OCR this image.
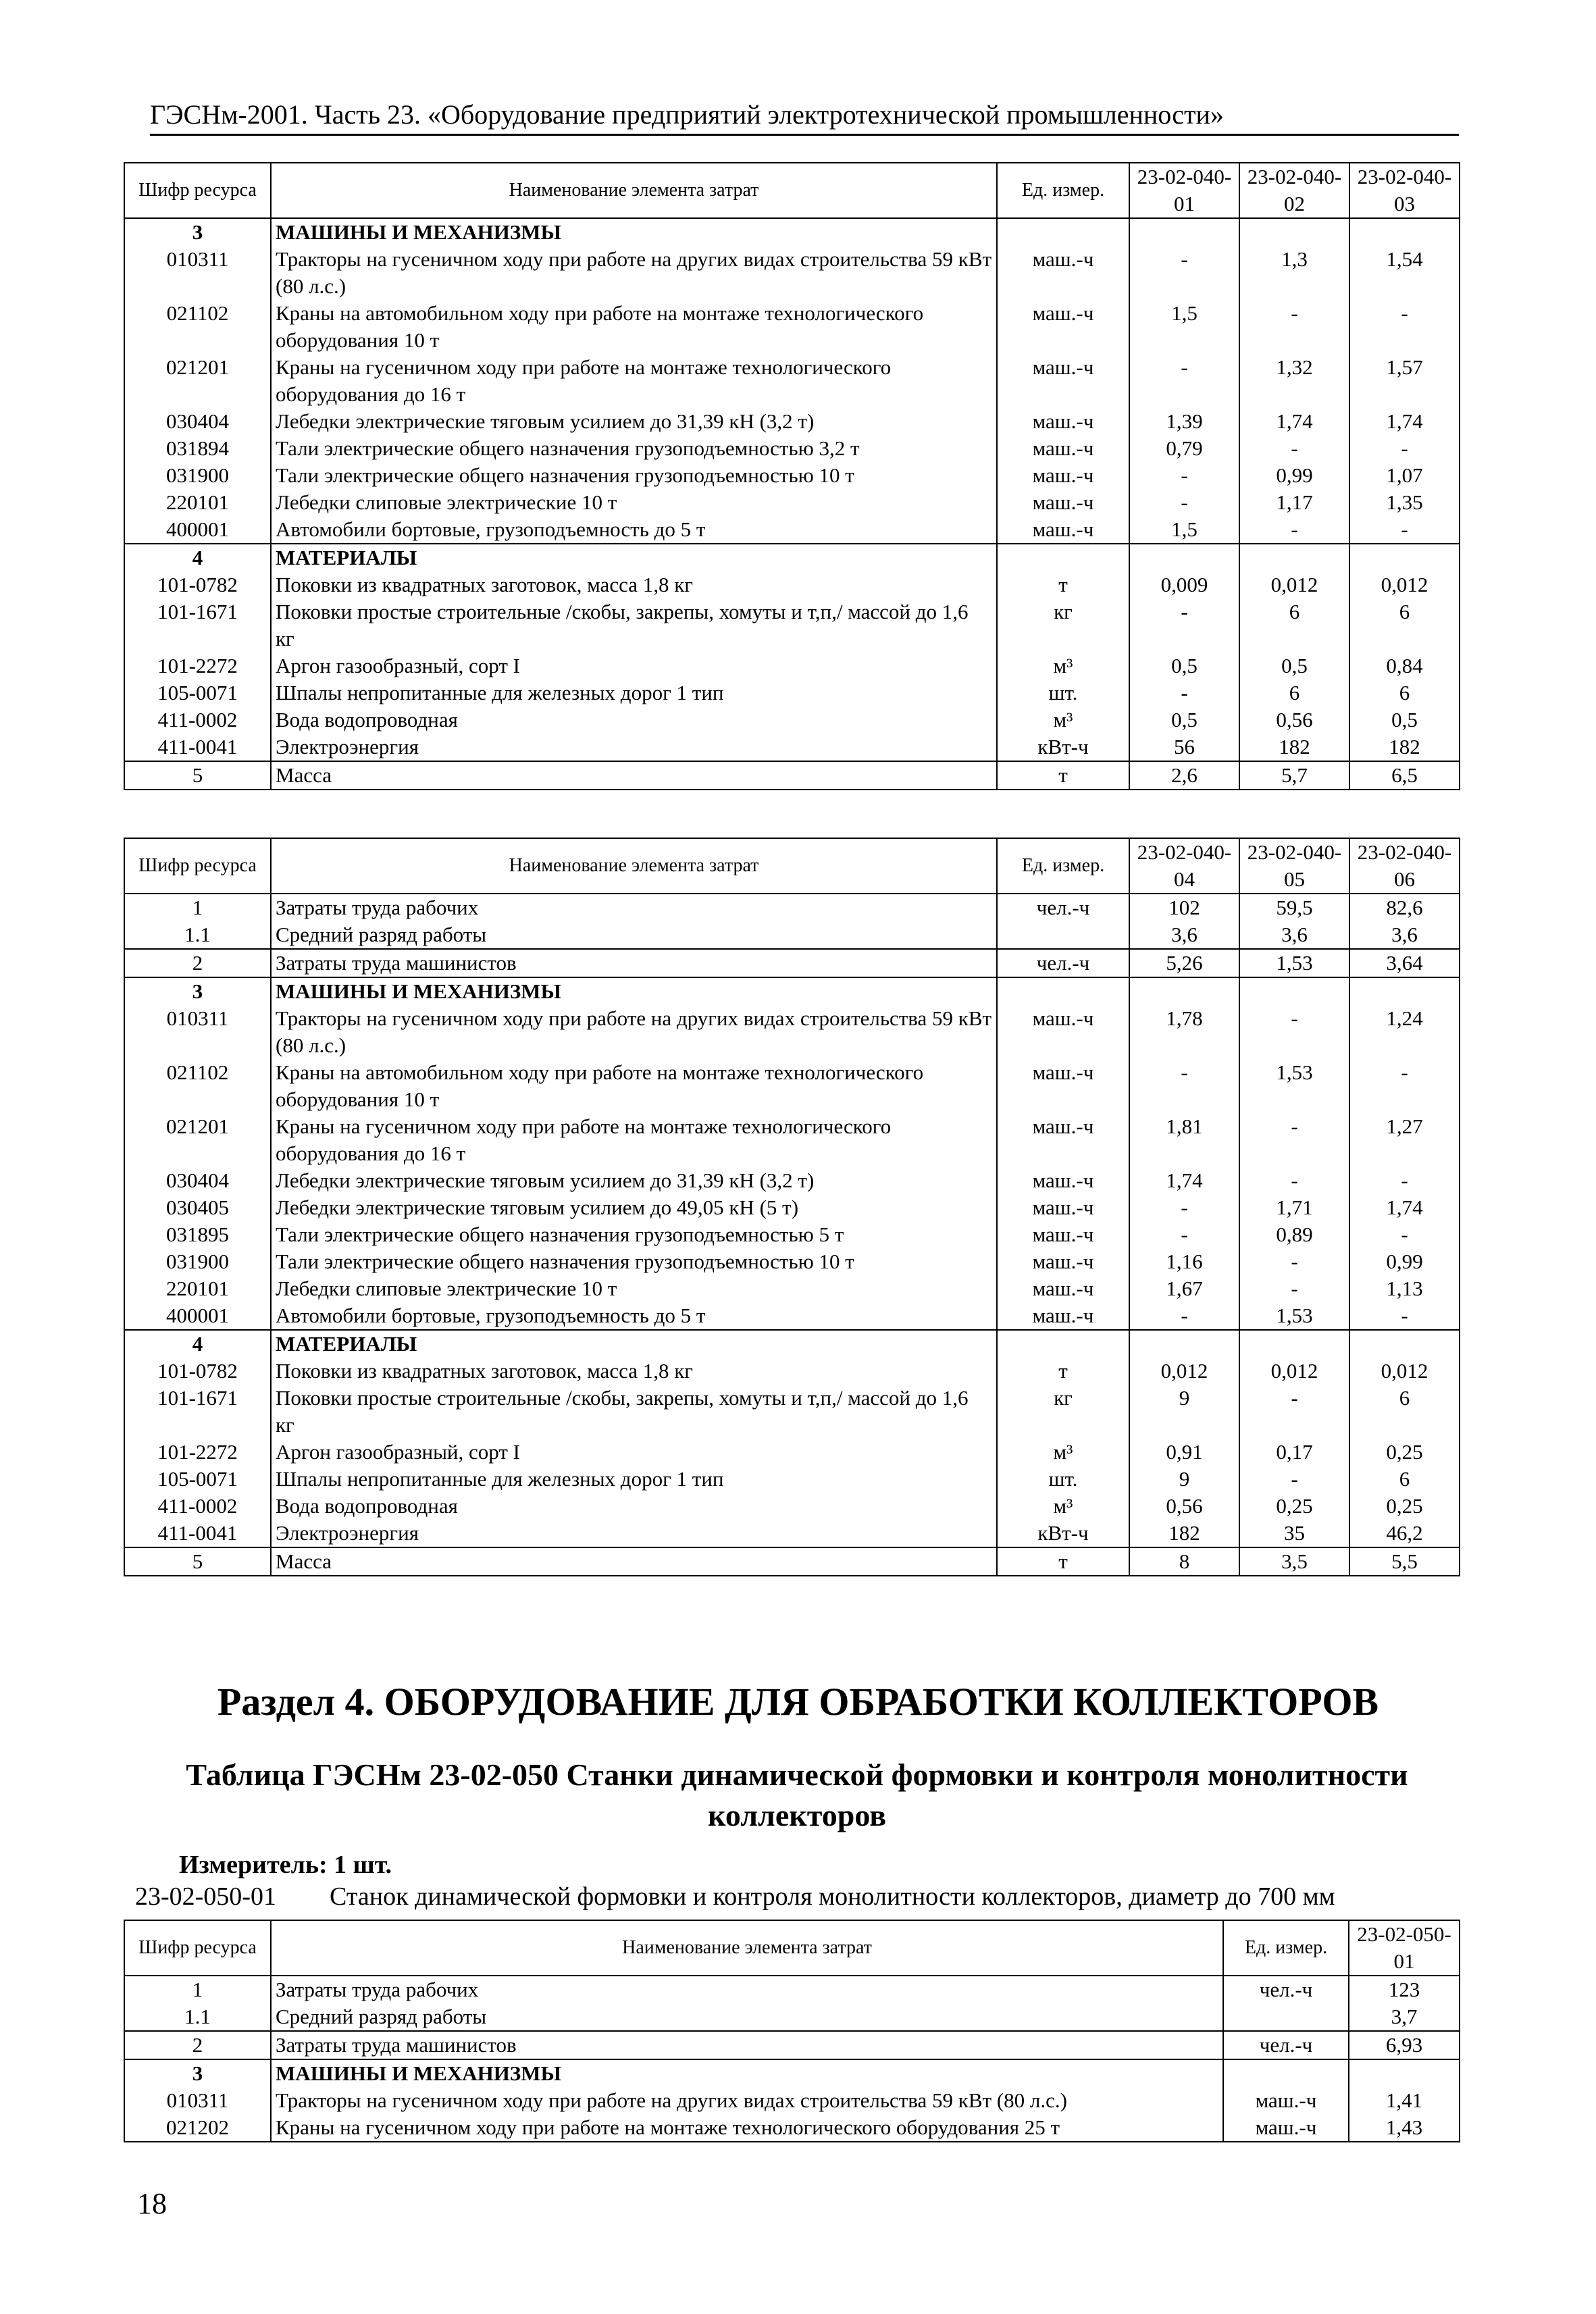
ГЭСНм-2001. Часть 23. «Оборудование предприятий электротехнической промышленности»
Шифр ресурса	Наименование элемента затрат	Ед. измер.	23-02-040-01	23-02-040-02	23-02-040-03
3	МАШИНЫ И МЕХАНИЗМЫ				
010311	Тракторы на гусеничном ходу при работе на других видах строительства 59 кВт (80 л.с.)	маш.-ч	-	1,3	1,54
021102	Краны на автомобильном ходу при работе на монтаже технологического оборудования 10 т	маш.-ч	1,5	-	-
021201	Краны на гусеничном ходу при работе на монтаже технологического оборудования до 16 т	маш.-ч	-	1,32	1,57
030404	Лебедки электрические тяговым усилием до 31,39 кН (3,2 т)	маш.-ч	1,39	1,74	1,74
031894	Тали электрические общего назначения грузоподъемностью 3,2 т	маш.-ч	0,79	-	-
031900	Тали электрические общего назначения грузоподъемностью 10 т	маш.-ч	-	0,99	1,07
220101	Лебедки слиповые электрические 10 т	маш.-ч	-	1,17	1,35
400001	Автомобили бортовые, грузоподъемность до 5 т	маш.-ч	1,5	-	-
4	МАТЕРИАЛЫ				
101-0782	Поковки из квадратных заготовок, масса 1,8 кг	т	0,009	0,012	0,012
101-1671	Поковки простые строительные /скобы, закрепы, хомуты и т,п,/ массой до 1,6 кг	кг	-	6	6
101-2272	Аргон газообразный, сорт I	м³	0,5	0,5	0,84
105-0071	Шпалы непропитанные для железных дорог 1 тип	шт.	-	6	6
411-0002	Вода водопроводная	м³	0,5	0,56	0,5
411-0041	Электроэнергия	кВт-ч	56	182	182
5	Масса	т	2,6	5,7	6,5
Шифр ресурса	Наименование элемента затрат	Ед. измер.	23-02-040-04	23-02-040-05	23-02-040-06
1	Затраты труда рабочих	чел.-ч	102	59,5	82,6
1.1	Средний разряд работы		3,6	3,6	3,6
2	Затраты труда машинистов	чел.-ч	5,26	1,53	3,64
3	МАШИНЫ И МЕХАНИЗМЫ				
010311	Тракторы на гусеничном ходу при работе на других видах строительства 59 кВт (80 л.с.)	маш.-ч	1,78	-	1,24
021102	Краны на автомобильном ходу при работе на монтаже технологического оборудования 10 т	маш.-ч	-	1,53	-
021201	Краны на гусеничном ходу при работе на монтаже технологического оборудования до 16 т	маш.-ч	1,81	-	1,27
030404	Лебедки электрические тяговым усилием до 31,39 кН (3,2 т)	маш.-ч	1,74	-	-
030405	Лебедки электрические тяговым усилием до 49,05 кН (5 т)	маш.-ч	-	1,71	1,74
031895	Тали электрические общего назначения грузоподъемностью 5 т	маш.-ч	-	0,89	-
031900	Тали электрические общего назначения грузоподъемностью 10 т	маш.-ч	1,16	-	0,99
220101	Лебедки слиповые электрические 10 т	маш.-ч	1,67	-	1,13
400001	Автомобили бортовые, грузоподъемность до 5 т	маш.-ч	-	1,53	-
4	МАТЕРИАЛЫ				
101-0782	Поковки из квадратных заготовок, масса 1,8 кг	т	0,012	0,012	0,012
101-1671	Поковки простые строительные /скобы, закрепы, хомуты и т,п,/ массой до 1,6 кг	кг	9	-	6
101-2272	Аргон газообразный, сорт I	м³	0,91	0,17	0,25
105-0071	Шпалы непропитанные для железных дорог 1 тип	шт.	9	-	6
411-0002	Вода водопроводная	м³	0,56	0,25	0,25
411-0041	Электроэнергия	кВт-ч	182	35	46,2
5	Масса	т	8	3,5	5,5
Раздел 4. ОБОРУДОВАНИЕ ДЛЯ ОБРАБОТКИ КОЛЛЕКТОРОВ
Таблица ГЭСНм 23-02-050 Станки динамической формовки и контроля монолитности коллекторов
Измеритель: 1 шт.
23-02-050-01 Станок динамической формовки и контроля монолитности коллекторов, диаметр до 700 мм
Шифр ресурса	Наименование элемента затрат	Ед. измер.	23-02-050-01
1	Затраты труда рабочих	чел.-ч	123
1.1	Средний разряд работы		3,7
2	Затраты труда машинистов	чел.-ч	6,93
3	МАШИНЫ И МЕХАНИЗМЫ		
010311	Тракторы на гусеничном ходу при работе на других видах строительства 59 кВт (80 л.с.)	маш.-ч	1,41
021202	Краны на гусеничном ходу при работе на монтаже технологического оборудования 25 т	маш.-ч	1,43
18
